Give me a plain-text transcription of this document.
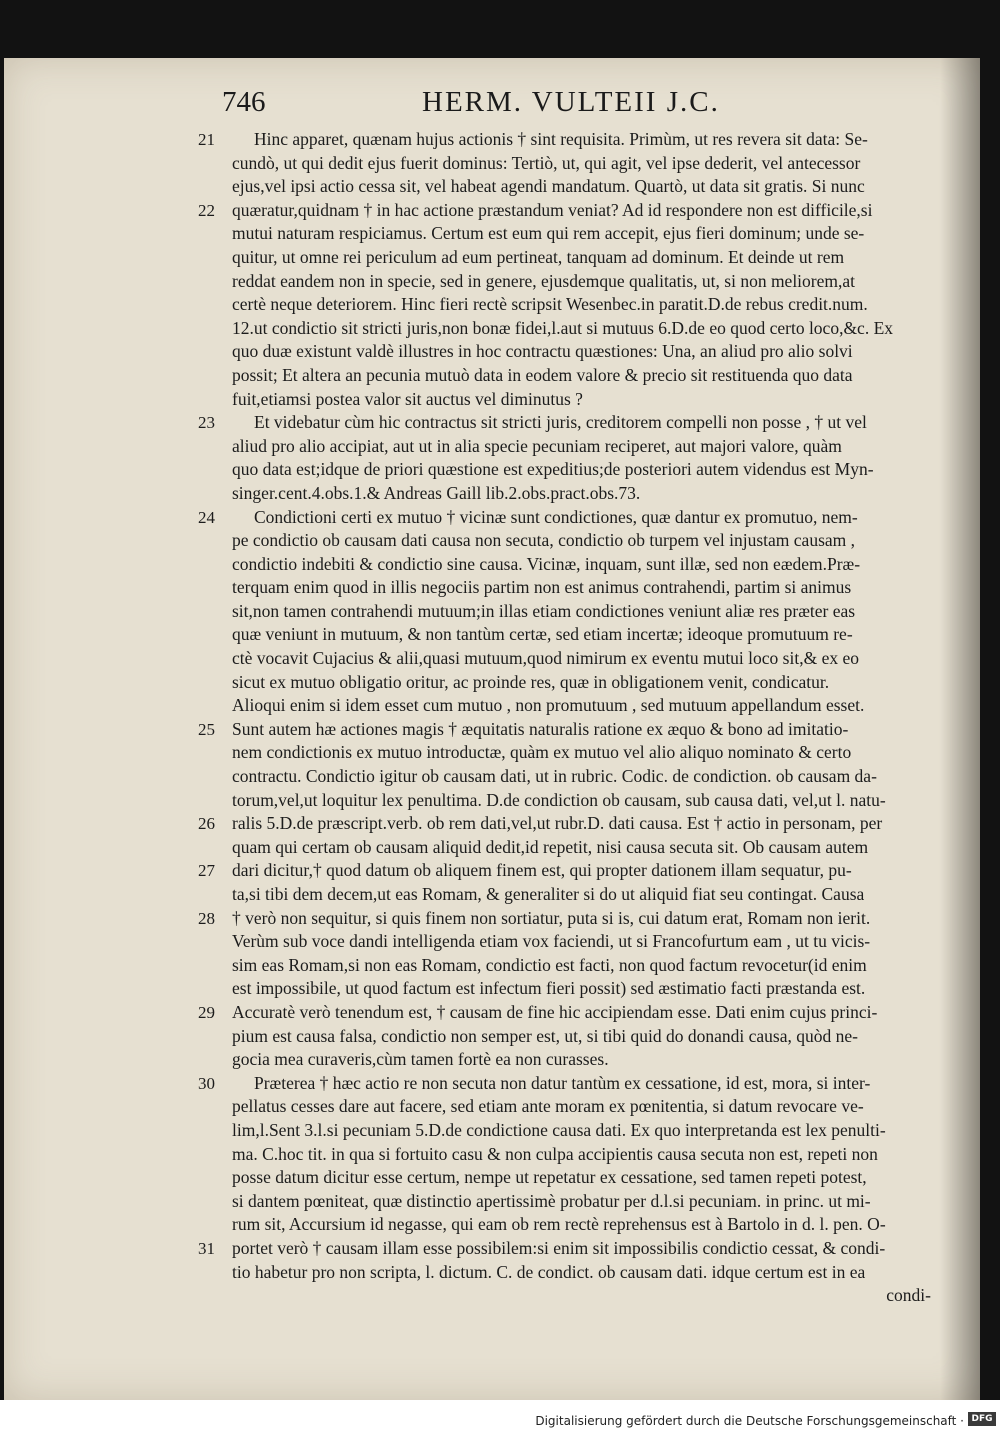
746	HERM. VULTEII J.C.
21 Hinc apparet, quænam hujus actionis † sint requisita. Primùm, ut res revera sit data: Se-
cundò, ut qui dedit ejus fuerit dominus: Tertiò, ut, qui agit, vel ipse dederit, vel antecessor
ejus,vel ipsi actio cessa sit, vel habeat agendi mandatum. Quartò, ut data sit gratis. Si nunc
22 quæratur,quidnam † in hac actione præstandum veniat? Ad id respondere non est difficile,si
mutui naturam respiciamus. Certum est eum qui rem accepit, ejus fieri dominum; unde se-
quitur, ut omne rei periculum ad eum pertineat, tanquam ad dominum. Et deinde ut rem
reddat eandem non in specie, sed in genere, ejusdemque qualitatis, ut, si non meliorem,at
certè neque deteriorem. Hinc fieri rectè scripsit Wesenbec.in paratit.D.de rebus credit.num.
12.ut condictio sit stricti juris,non bonæ fidei,l.aut si mutuus 6.D.de eo quod certo loco,&c. Ex
quo duæ existunt valdè illustres in hoc contractu quæstiones: Una, an aliud pro alio solvi
possit; Et altera an pecunia mutuò data in eodem valore & precio sit restituenda quo data
fuit,etiamsi postea valor sit auctus vel diminutus ?
23 Et videbatur cùm hic contractus sit stricti juris, creditorem compelli non posse , † ut vel
aliud pro alio accipiat, aut ut in alia specie pecuniam reciperet, aut majori valore, quàm
quo data est;idque de priori quæstione est expeditius;de posteriori autem videndus est Myn-
singer.cent.4.obs.1.& Andreas Gaill lib.2.obs.pract.obs.73.
24 Condictioni certi ex mutuo † vicinæ sunt condictiones, quæ dantur ex promutuo, nem-
pe condictio ob causam dati causa non secuta, condictio ob turpem vel injustam causam ,
condictio indebiti & condictio sine causa. Vicinæ, inquam, sunt illæ, sed non eædem.Præ-
terquam enim quod in illis negociis partim non est animus contrahendi, partim si animus
sit,non tamen contrahendi mutuum;in illas etiam condictiones veniunt aliæ res præter eas
quæ veniunt in mutuum, & non tantùm certæ, sed etiam incertæ; ideoque promutuum re-
ctè vocavit Cujacius & alii,quasi mutuum,quod nimirum ex eventu mutui loco sit,& ex eo
sicut ex mutuo obligatio oritur, ac proinde res, quæ in obligationem venit, condicatur.
Alioqui enim si idem esset cum mutuo , non promutuum , sed mutuum appellandum esset.
25 Sunt autem hæ actiones magis † æquitatis naturalis ratione ex æquo & bono ad imitatio-
nem condictionis ex mutuo introductæ, quàm ex mutuo vel alio aliquo nominato & certo
contractu. Condictio igitur ob causam dati, ut in rubric. Codic. de condiction. ob causam da-
torum,vel,ut loquitur lex penultima. D.de condiction ob causam, sub causa dati, vel,ut l. natu-
26 ralis 5.D.de præscript.verb. ob rem dati,vel,ut rubr.D. dati causa. Est † actio in personam, per
quam qui certam ob causam aliquid dedit,id repetit, nisi causa secuta sit. Ob causam autem
27 dari dicitur,† quod datum ob aliquem finem est, qui propter dationem illam sequatur, pu-
ta,si tibi dem decem,ut eas Romam, & generaliter si do ut aliquid fiat seu contingat. Causa
28 † verò non sequitur, si quis finem non sortiatur, puta si is, cui datum erat, Romam non ierit.
Verùm sub voce dandi intelligenda etiam vox faciendi, ut si Francofurtum eam , ut tu vicis-
sim eas Romam,si non eas Romam, condictio est facti, non quod factum revocetur(id enim
est impossibile, ut quod factum est infectum fieri possit) sed æstimatio facti præstanda est.
29 Accuratè verò tenendum est, † causam de fine hic accipiendam esse. Dati enim cujus princi-
pium est causa falsa, condictio non semper est, ut, si tibi quid do donandi causa, quòd ne-
gocia mea curaveris,cùm tamen fortè ea non curasses.
30 Præterea † hæc actio re non secuta non datur tantùm ex cessatione, id est, mora, si inter-
pellatus cesses dare aut facere, sed etiam ante moram ex pœnitentia, si datum revocare ve-
lim,l.Sent 3.l.si pecuniam 5.D.de condictione causa dati. Ex quo interpretanda est lex penulti-
ma. C.hoc tit. in qua si fortuito casu & non culpa accipientis causa secuta non est, repeti non
posse datum dicitur esse certum, nempe ut repetatur ex cessatione, sed tamen repeti potest,
si dantem pœniteat, quæ distinctio apertissimè probatur per d.l.si pecuniam. in princ. ut mi-
rum sit, Accursium id negasse, qui eam ob rem rectè reprehensus est à Bartolo in d. l. pen. O-
31 portet verò † causam illam esse possibilem:si enim sit impossibilis condictio cessat, & condi-
tio habetur pro non scripta, l. dictum. C. de condict. ob causam dati. idque certum est in ea
condi-
Digitalisierung gefördert durch die Deutsche Forschungsgemeinschaft · DFG
